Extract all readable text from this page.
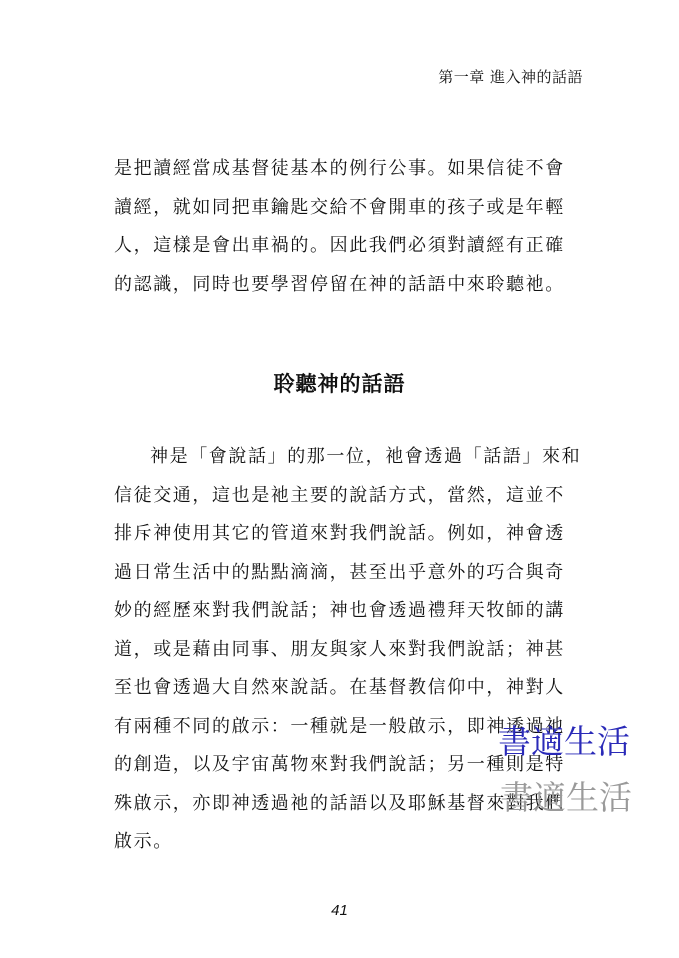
第一章 進入神的話語
是把讀經當成基督徒基本的例行公事。如果信徒不會
讀經，就如同把車鑰匙交給不會開車的孩子或是年輕
人，這樣是會出車禍的。因此我們必須對讀經有正確
的認識，同時也要學習停留在神的話語中來聆聽祂。
聆聽神的話語
神是「會說話」的那一位，祂會透過「話語」來和
信徒交通，這也是祂主要的說話方式，當然，這並不
排斥神使用其它的管道來對我們說話。例如，神會透
過日常生活中的點點滴滴，甚至出乎意外的巧合與奇
妙的經歷來對我們說話；神也會透過禮拜天牧師的講
道，或是藉由同事、朋友與家人來對我們說話；神甚
至也會透過大自然來說話。在基督教信仰中，神對人
有兩種不同的啟示：一種就是一般啟示，即神透過祂
的創造，以及宇宙萬物來對我們說話；另一種則是特
殊啟示，亦即神透過祂的話語以及耶穌基督來對我們
啟示。
書適生活
書適生活
41
